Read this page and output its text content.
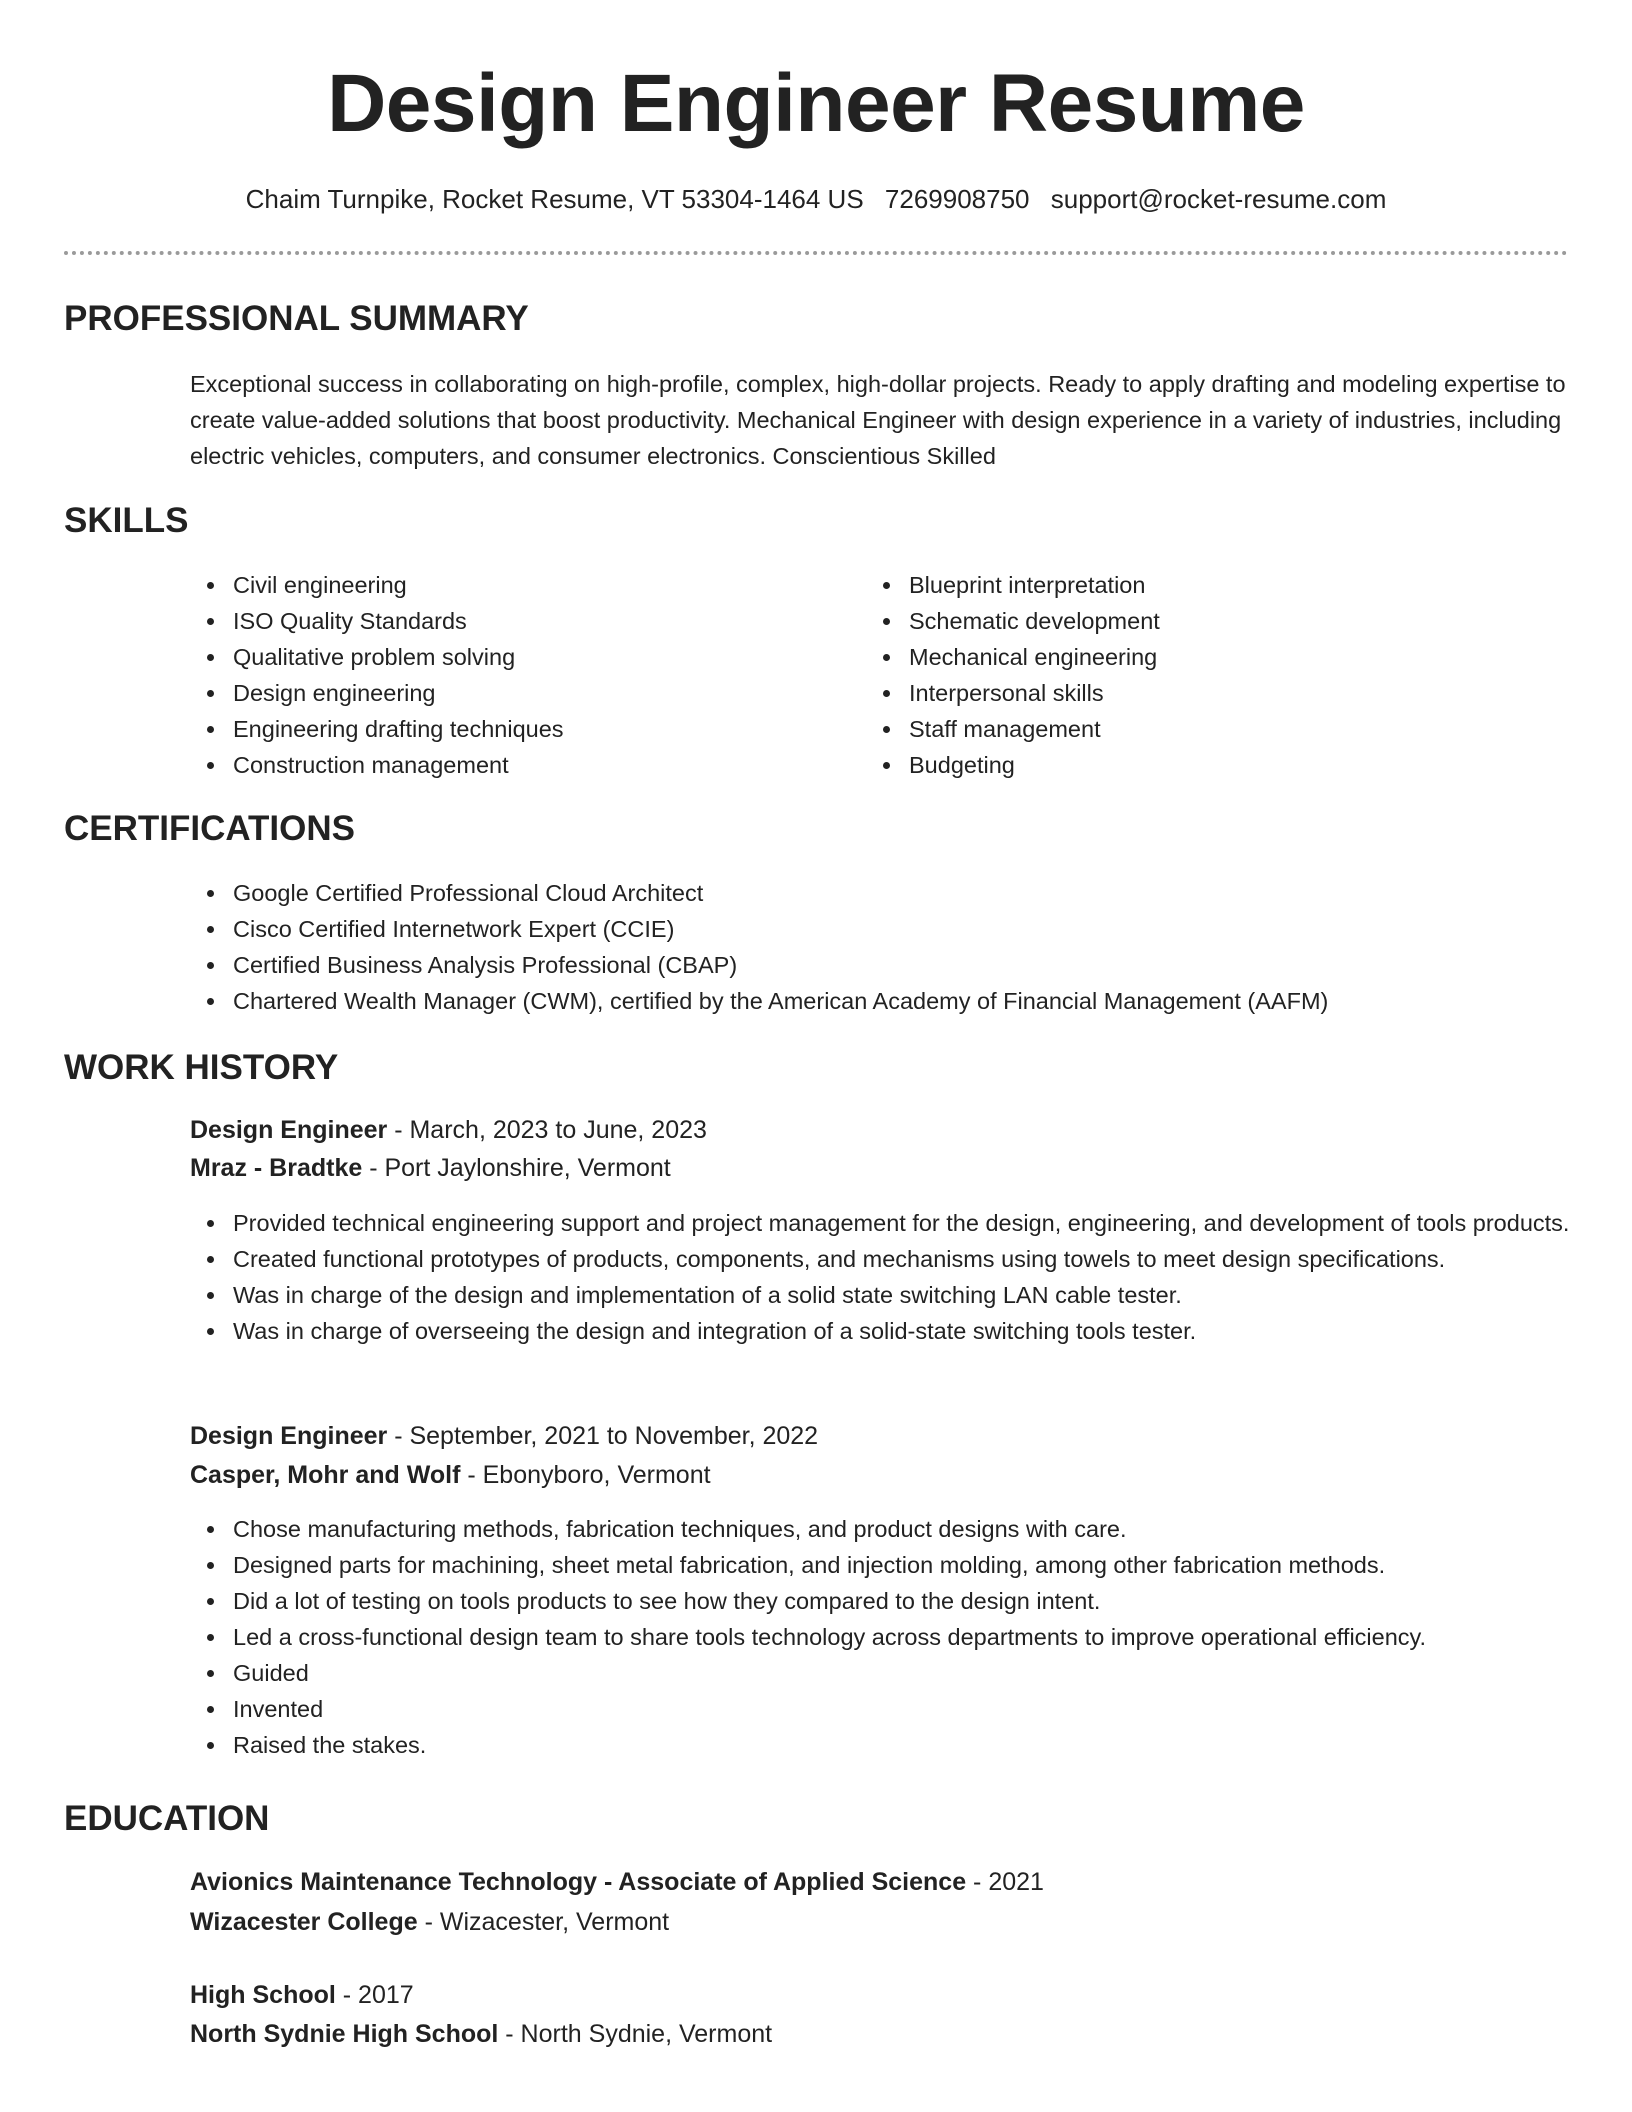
Design Engineer Resume
Chaim Turnpike, Rocket Resume, VT 53304-1464 US 7269908750 support@rocket-resume.com
PROFESSIONAL SUMMARY

Exceptional success in collaborating on high-profile, complex, high-dollar projects. Ready to apply drafting and modeling expertise to create value-added solutions that boost productivity. Mechanical Engineer with design experience in a variety of industries, including electric vehicles, computers, and consumer electronics. Conscientious Skilled

SKILLS
Civil engineering
ISO Quality Standards
Qualitative problem solving
Design engineering
Engineering drafting techniques
Construction management
Blueprint interpretation
Schematic development
Mechanical engineering
Interpersonal skills
Staff management
Budgeting
CERTIFICATIONS
Google Certified Professional Cloud Architect
Cisco Certified Internetwork Expert (CCIE)
Certified Business Analysis Professional (CBAP)
Chartered Wealth Manager (CWM), certified by the American Academy of Financial Management (AAFM)
WORK HISTORY
Design Engineer - March, 2023 to June, 2023
Mraz - Bradtke - Port Jaylonshire, Vermont
Provided technical engineering support and project management for the design, engineering, and development of tools products.
Created functional prototypes of products, components, and mechanisms using towels to meet design specifications.
Was in charge of the design and implementation of a solid state switching LAN cable tester.
Was in charge of overseeing the design and integration of a solid-state switching tools tester.
Design Engineer - September, 2021 to November, 2022
Casper, Mohr and Wolf - Ebonyboro, Vermont
Chose manufacturing methods, fabrication techniques, and product designs with care.
Designed parts for machining, sheet metal fabrication, and injection molding, among other fabrication methods.
Did a lot of testing on tools products to see how they compared to the design intent.
Led a cross-functional design team to share tools technology across departments to improve operational efficiency.
Guided
Invented
Raised the stakes.
EDUCATION
Avionics Maintenance Technology - Associate of Applied Science - 2021
Wizacester College - Wizacester, Vermont
High School - 2017
North Sydnie High School - North Sydnie, Vermont
